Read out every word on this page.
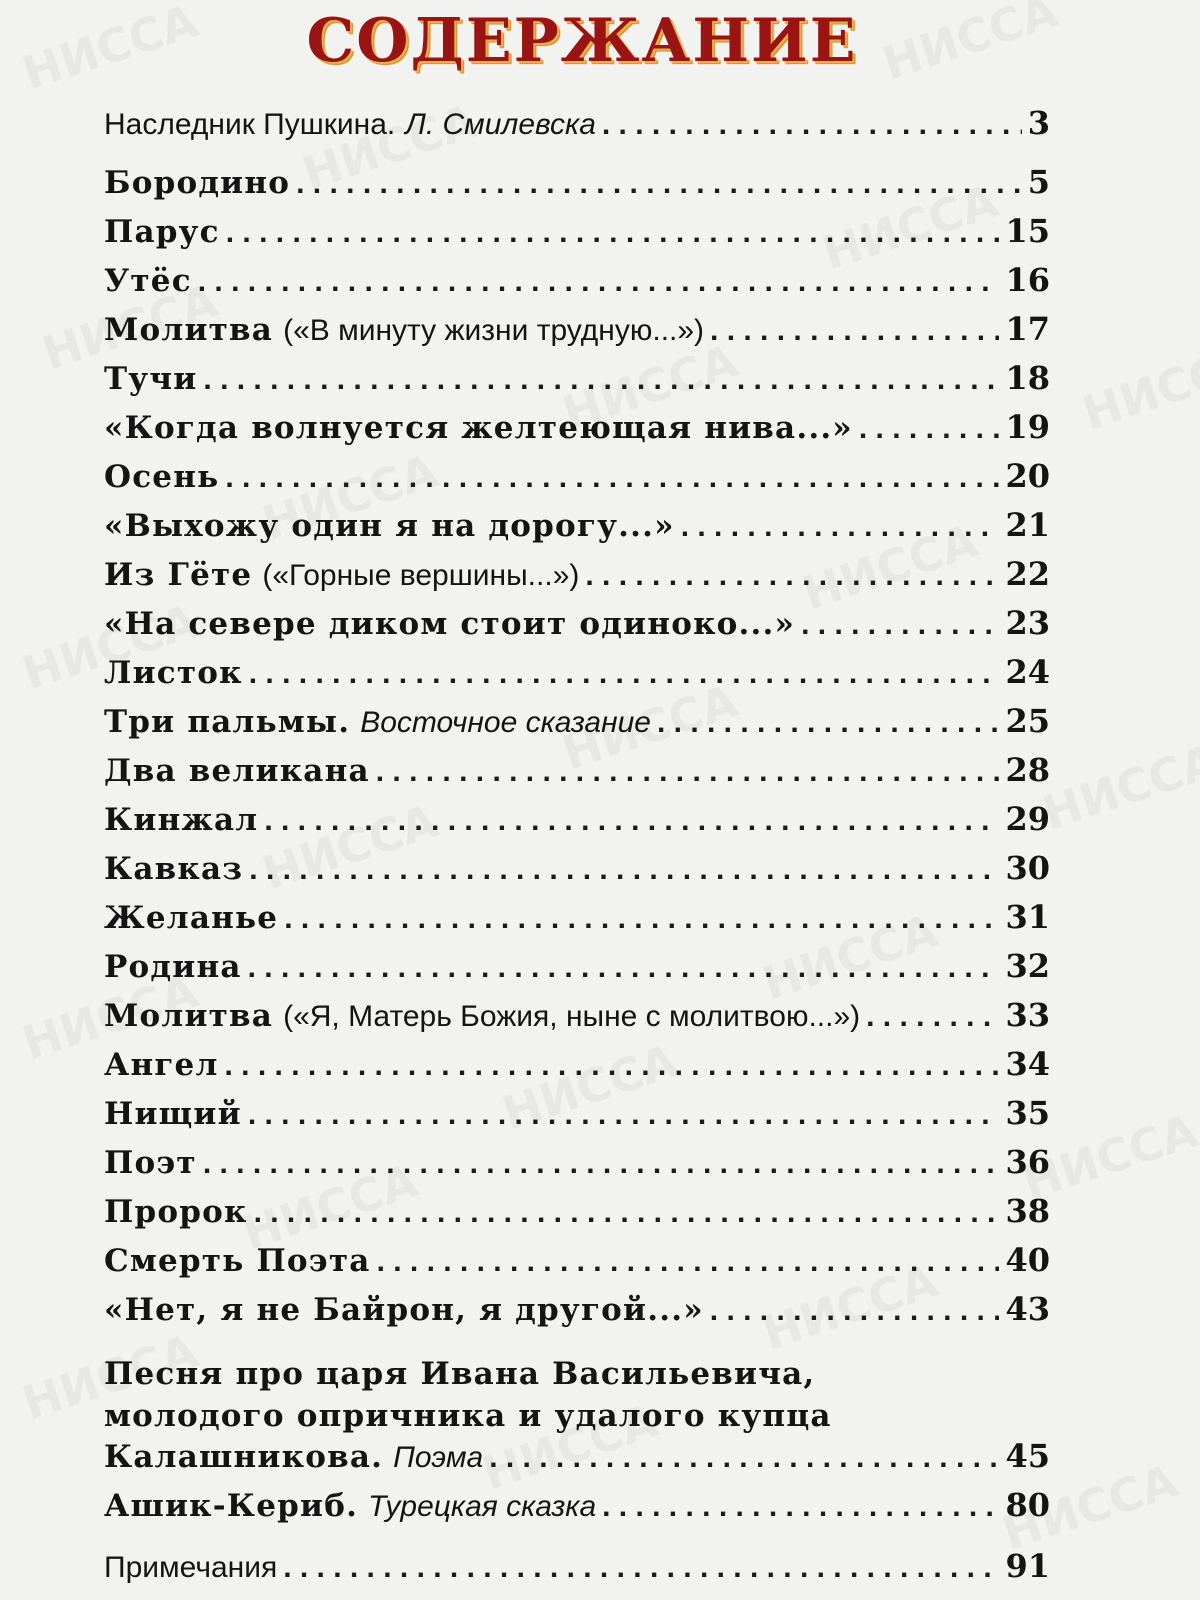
СОДЕРЖАНИЕ
Наследник Пушкина. Л. Смилевска . . .	3
Бородино . . .	5
Парус . . .	15
Утёс . . .	16
Молитва («В минуту жизни трудную...») . . .	17
Тучи . . .	18
«Когда волнуется желтеющая нива...» . . .	19
Осень . . .	20
«Выхожу один я на дорогу...» . . .	21
Из Гёте («Горные вершины...») . . .	22
«На севере диком стоит одиноко...» . . .	23
Листок . . .	24
Три пальмы. Восточное сказание . . .	25
Два великана . . .	28
Кинжал . . .	29
Кавказ . . .	30
Желанье . . .	31
Родина . . .	32
Молитва («Я, Матерь Божия, ныне с молитвою...») . . .	33
Ангел . . .	34
Нищий . . .	35
Поэт . . .	36
Пророк . . .	38
Смерть Поэта . . .	40
«Нет, я не Байрон, я другой...» . . .	43
Песня про царя Ивана Васильевича,
молодого опричника и удалого купца
Калашникова. Поэма . . .	45
Ашик-Кериб. Турецкая сказка . . .	80
Примечания . . .	91
